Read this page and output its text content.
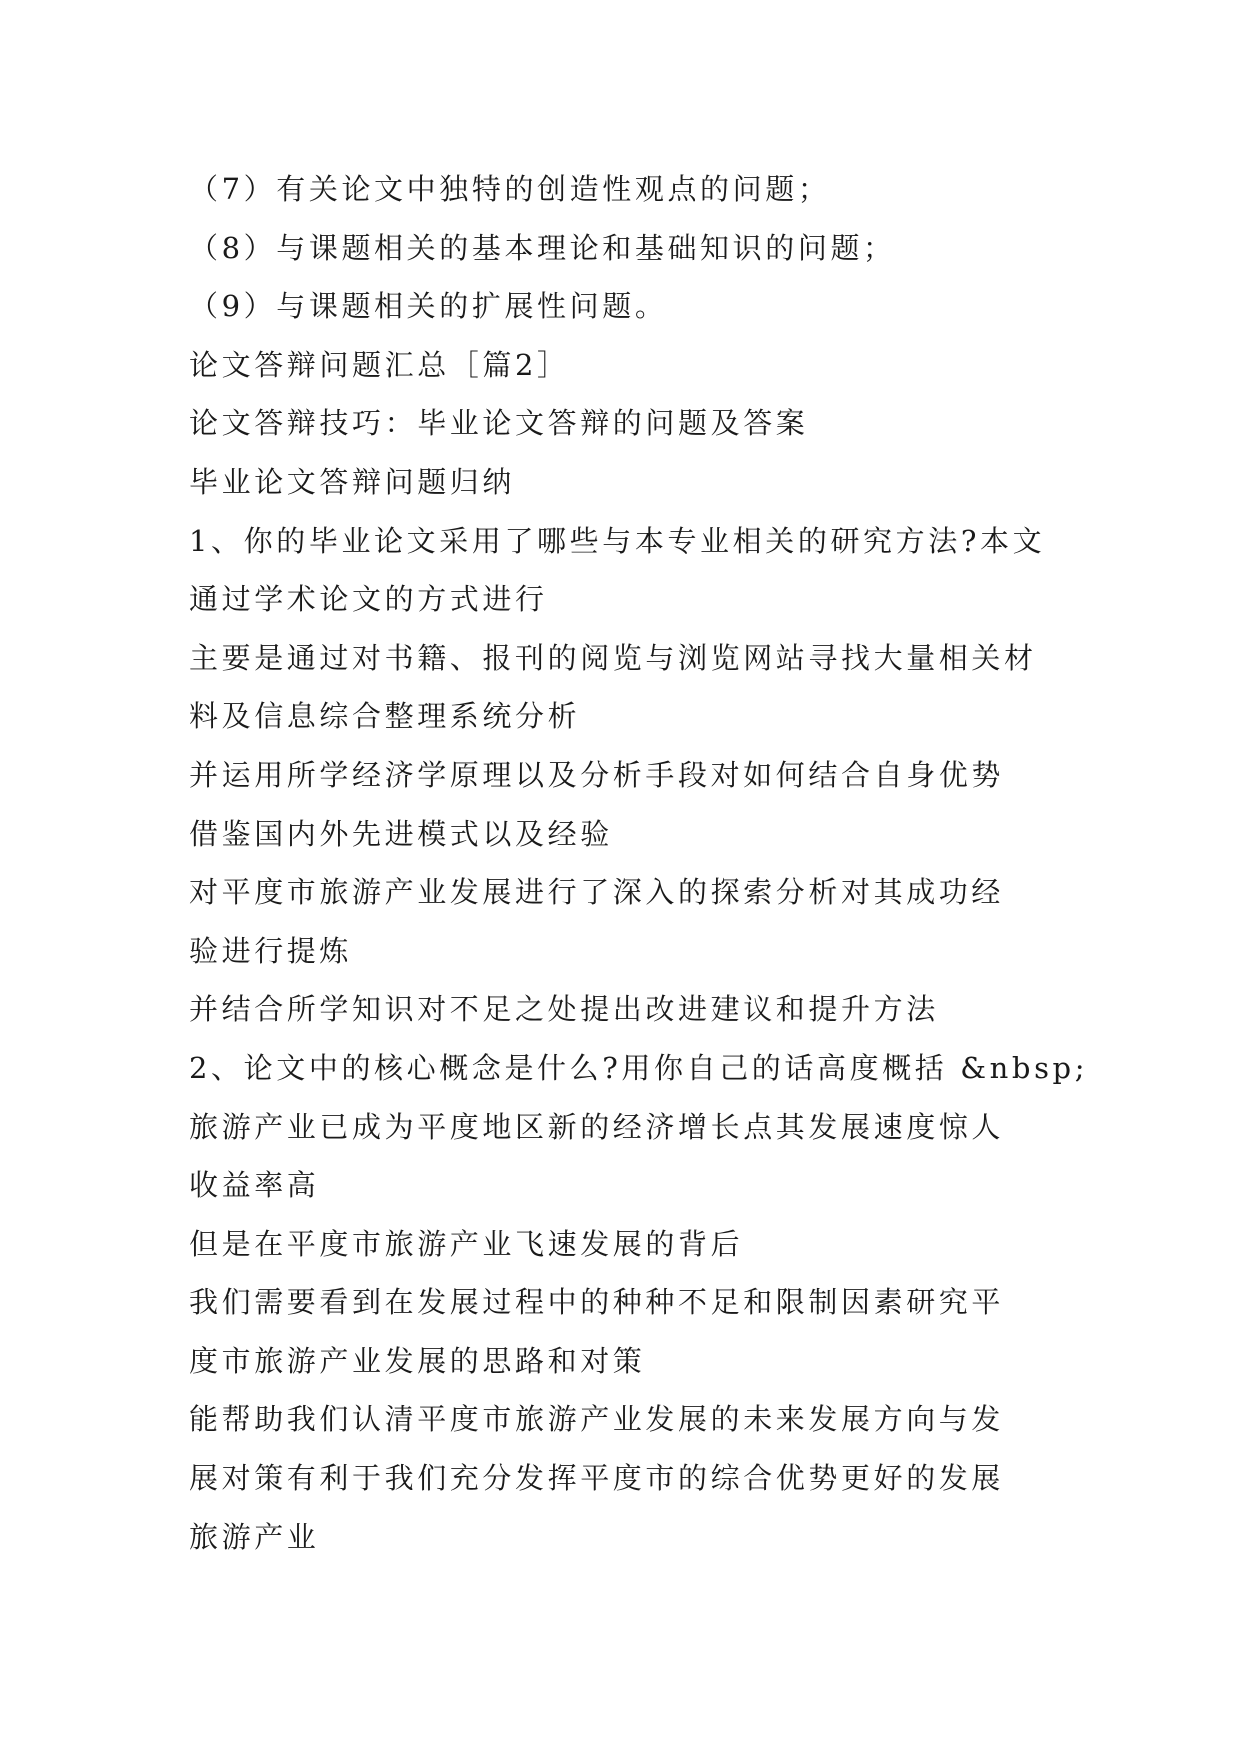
（7）有关论文中独特的创造性观点的问题；

（8）与课题相关的基本理论和基础知识的问题；

（9）与课题相关的扩展性问题。

论文答辩问题汇总［篇2］

论文答辩技巧：毕业论文答辩的问题及答案

毕业论文答辩问题归纳

1、你的毕业论文采用了哪些与本专业相关的研究方法?本文

通过学术论文的方式进行

主要是通过对书籍、报刊的阅览与浏览网站寻找大量相关材

料及信息综合整理系统分析

并运用所学经济学原理以及分析手段对如何结合自身优势

借鉴国内外先进模式以及经验

对平度市旅游产业发展进行了深入的探索分析对其成功经

验进行提炼

并结合所学知识对不足之处提出改进建议和提升方法

2、论文中的核心概念是什么?用你自己的话高度概括 &nbsp;

旅游产业已成为平度地区新的经济增长点其发展速度惊人

收益率高

但是在平度市旅游产业飞速发展的背后

我们需要看到在发展过程中的种种不足和限制因素研究平

度市旅游产业发展的思路和对策

能帮助我们认清平度市旅游产业发展的未来发展方向与发

展对策有利于我们充分发挥平度市的综合优势更好的发展

旅游产业
